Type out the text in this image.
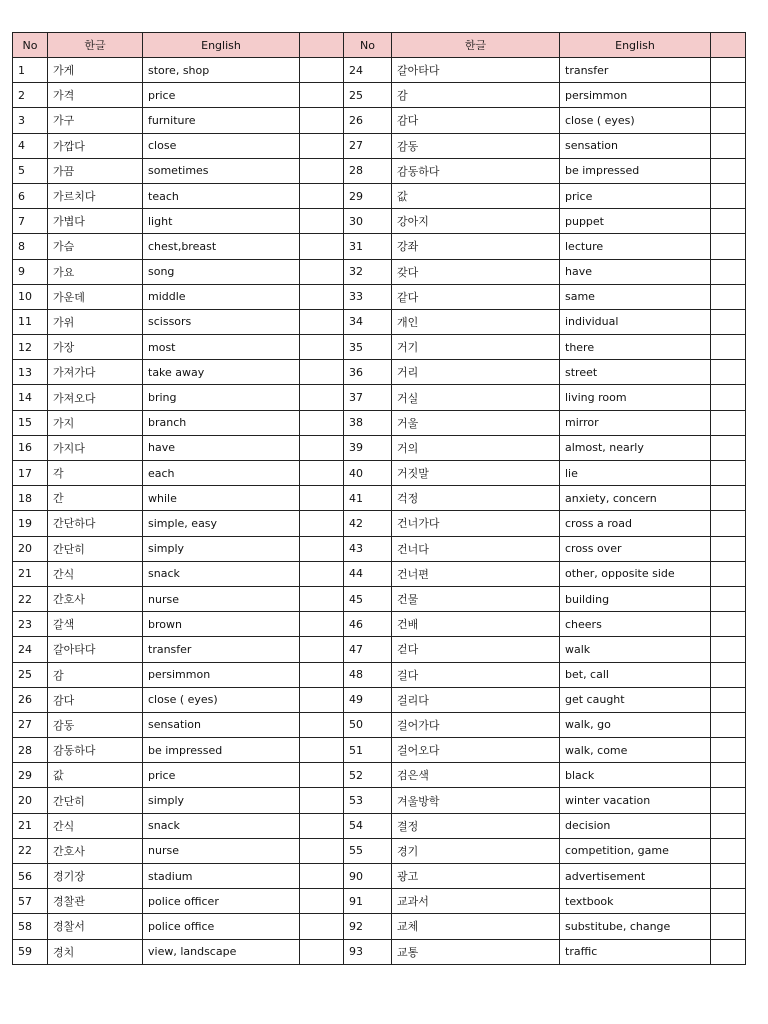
No	한글	English		No	한글	English	
1	가게	store, shop		24	갈아타다	transfer	
2	가격	price		25	감	persimmon	
3	가구	furniture		26	감다	close ( eyes)	
4	가깝다	close		27	감동	sensation	
5	가끔	sometimes		28	감동하다	be impressed	
6	가르치다	teach		29	값	price	
7	가볍다	light		30	강아지	puppet	
8	가슴	chest,breast		31	강좌	lecture	
9	가요	song		32	갖다	have	
10	가운데	middle		33	같다	same	
11	가위	scissors		34	개인	individual	
12	가장	most		35	거기	there	
13	가져가다	take away		36	거리	street	
14	가져오다	bring		37	거실	living room	
15	가지	branch		38	거울	mirror	
16	가지다	have		39	거의	almost, nearly	
17	각	each		40	거짓말	lie	
18	간	while		41	걱정	anxiety, concern	
19	간단하다	simple, easy		42	건너가다	cross a road	
20	간단히	simply		43	건너다	cross over	
21	간식	snack		44	건너편	other, opposite side	
22	간호사	nurse		45	건물	building	
23	갈색	brown		46	건배	cheers	
24	갈아타다	transfer		47	걷다	walk	
25	감	persimmon		48	걸다	bet, call	
26	감다	close ( eyes)		49	걸리다	get caught	
27	감동	sensation		50	걸어가다	walk, go	
28	감동하다	be impressed		51	걸어오다	walk, come	
29	값	price		52	검은색	black	
20	간단히	simply		53	겨울방학	winter vacation	
21	간식	snack		54	결정	decision	
22	간호사	nurse		55	경기	competition, game	
56	경기장	stadium		90	광고	advertisement	
57	경찰관	police officer		91	교과서	textbook	
58	경찰서	police office		92	교체	substitube, change	
59	경치	view, landscape		93	교통	traffic	
